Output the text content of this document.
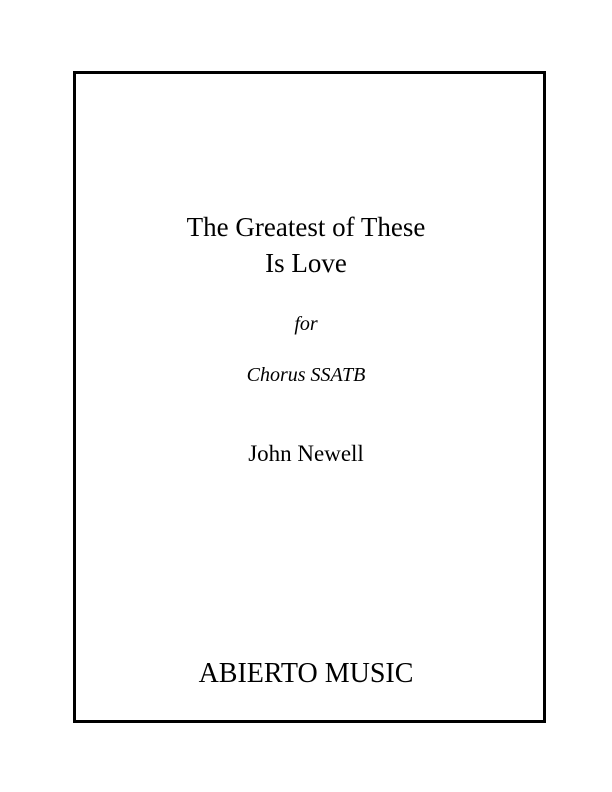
The Greatest of These
Is Love
for
Chorus SSATB
John Newell
ABIERTO MUSIC
